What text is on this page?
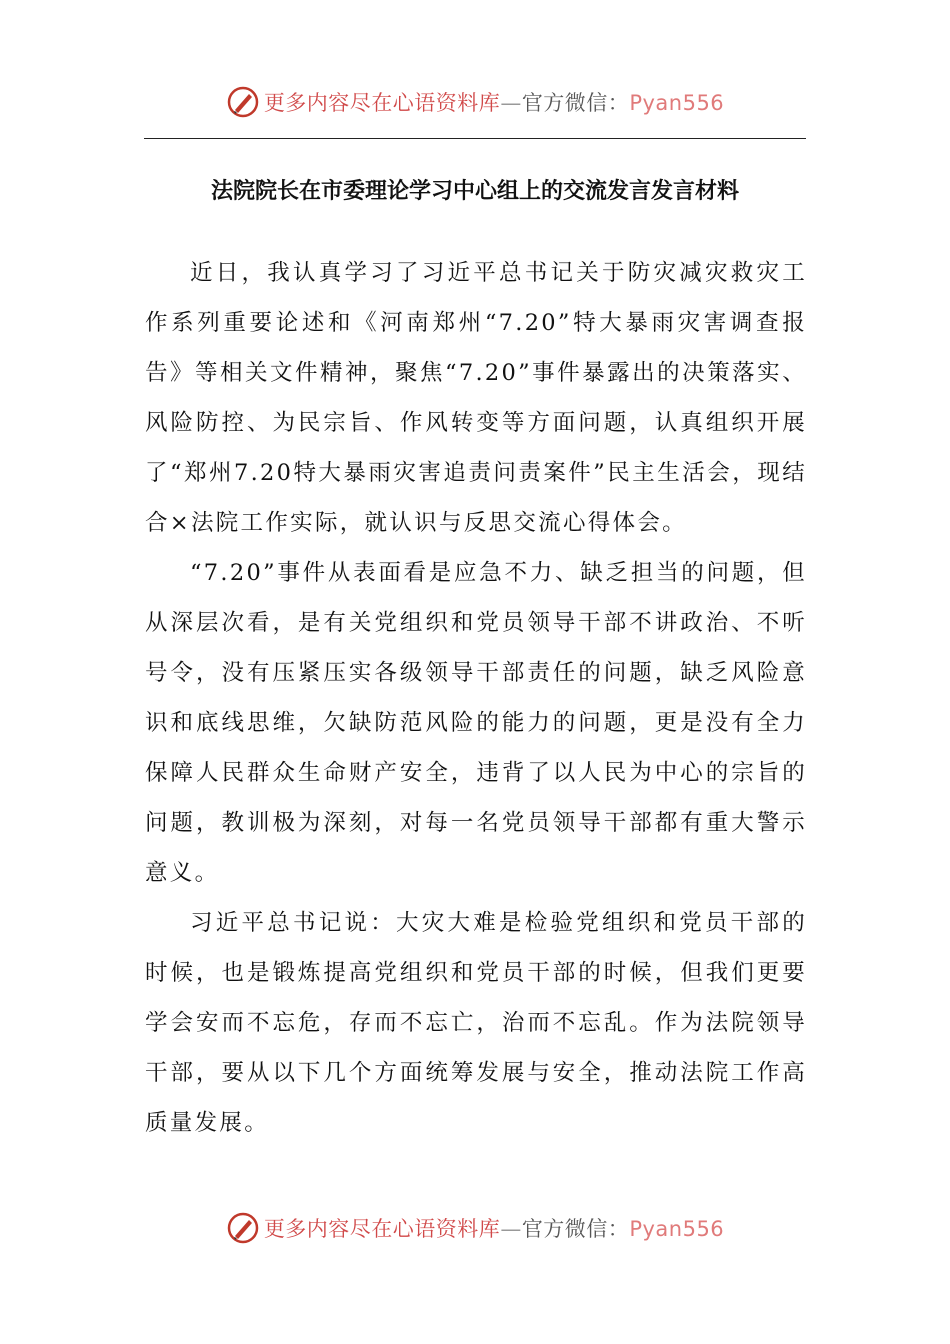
更多内容尽在心语资料库—官方微信：Pyan556
法院院长在市委理论学习中心组上的交流发言发言材料

近日，我认真学习了习近平总书记关于防灾减灾救灾工作系列重要论述和《河南郑州“7.20”特大暴雨灾害调查报告》等相关文件精神，聚焦“7.20”事件暴露出的决策落实、风险防控、为民宗旨、作风转变等方面问题，认真组织开展了“郑州7.20特大暴雨灾害追责问责案件”民主生活会，现结合×法院工作实际，就认识与反思交流心得体会。

“7.20”事件从表面看是应急不力、缺乏担当的问题，但从深层次看，是有关党组织和党员领导干部不讲政治、不听号令，没有压紧压实各级领导干部责任的问题，缺乏风险意识和底线思维，欠缺防范风险的能力的问题，更是没有全力保障人民群众生命财产安全，违背了以人民为中心的宗旨的问题，教训极为深刻，对每一名党员领导干部都有重大警示意义。

习近平总书记说：大灾大难是检验党组织和党员干部的时候，也是锻炼提高党组织和党员干部的时候，但我们更要学会安而不忘危，存而不忘亡，治而不忘乱。作为法院领导干部，要从以下几个方面统筹发展与安全，推动法院工作高质量发展。

更多内容尽在心语资料库—官方微信：Pyan556
